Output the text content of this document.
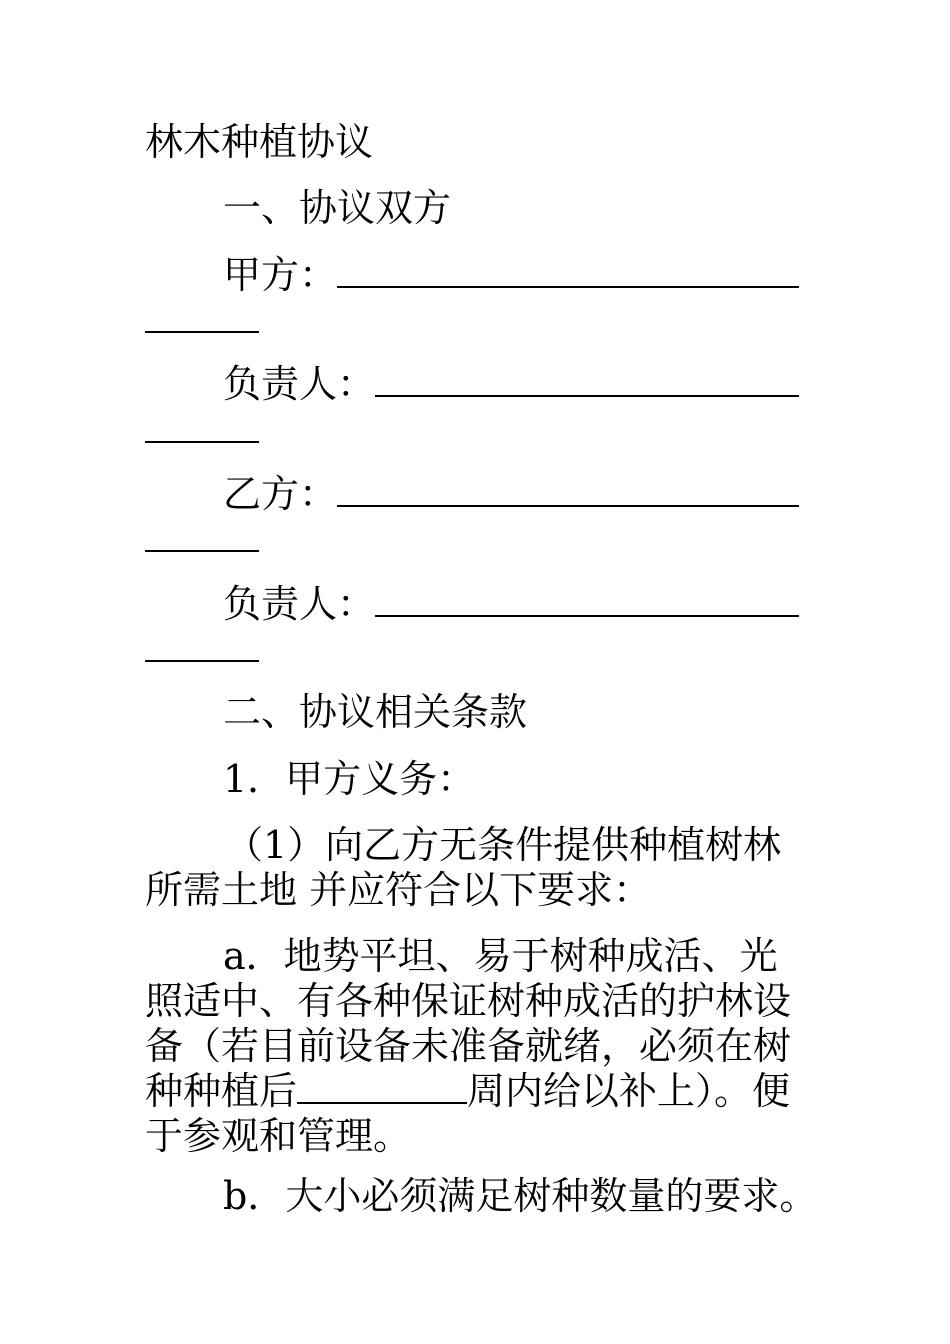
林木种植协议
一、协议双方
甲方：
负责人：
乙方：
负责人：
二、协议相关条款
1．甲方义务：
（1）向乙方无条件提供种植树林所需土地 并应符合以下要求：
a．地势平坦、易于树种成活、光照适中、有各种保证树种成活的护林设备（若目前设备未准备就绪，必须在树种种植后	周内给以补上）。便于参观和管理。
b．大小必须满足树种数量的要求。
